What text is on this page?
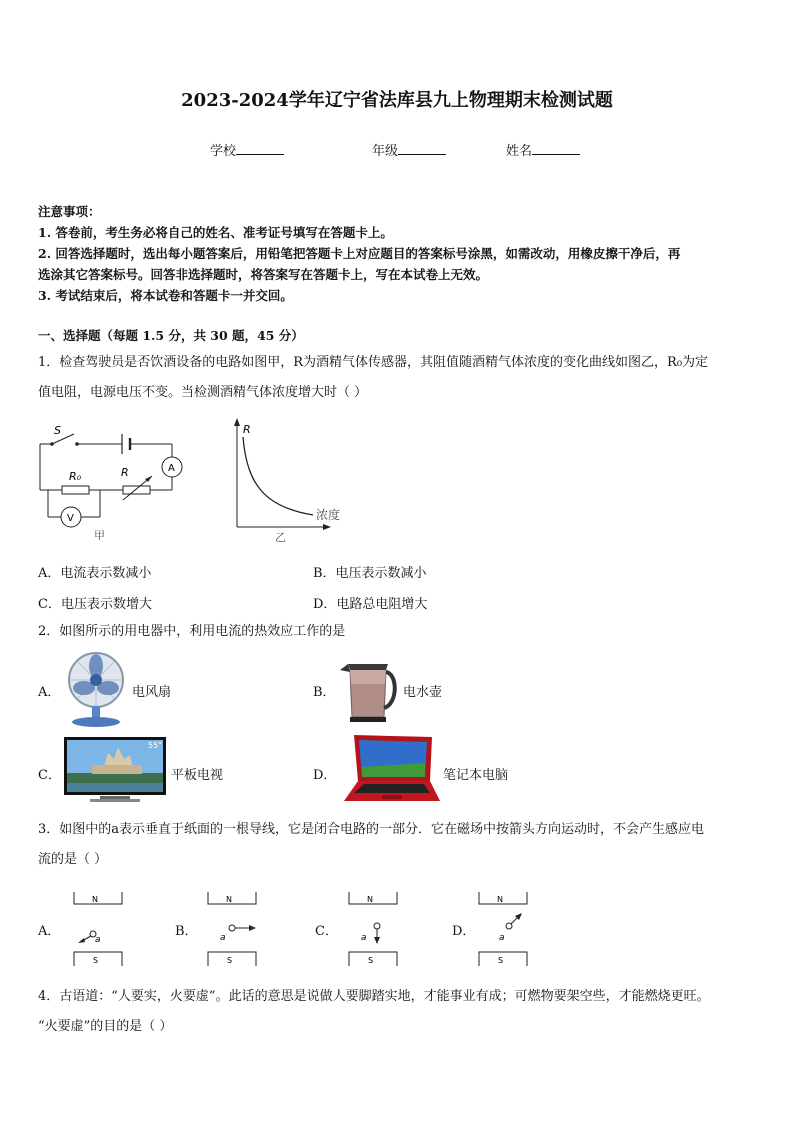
2023-2024学年辽宁省法库县九上物理期末检测试题
学校	年级	姓名
注意事项：
1. 答卷前，考生务必将自己的姓名、准考证号填写在答题卡上。
2. 回答选择题时，选出每小题答案后，用铅笔把答题卡上对应题目的答案标号涂黑，如需改动，用橡皮擦干净后，再
选涂其它答案标号。回答非选择题时，将答案写在答题卡上，写在本试卷上无效。
3. 考试结束后，将本试卷和答题卡一并交回。
一、选择题（每题 1.5 分，共 30 题，45 分）
1．检查驾驶员是否饮酒设备的电路如图甲，R为酒精气体传感器，其阻值随酒精气体浓度的变化曲线如图乙，R₀为定
值电阻，电源电压不变。当检测酒精气体浓度增大时（ ）
S
R₀	R	A
V
甲
R
浓度
乙
A．电流表示数减小	B．电压表示数减小
C．电压表示数增大	D．电路总电阻增大
2．如图所示的用电器中，利用电流的热效应工作的是
A．	电风扇	B．	电水壶
C．
55"
平板电视	D．	笔记本电脑
3．如图中的a表示垂直于纸面的一根导线，它是闭合电路的一部分．它在磁场中按箭头方向运动时，不会产生感应电
流的是（ ）
A．	B．	C．	D．
N
S
a
N
S
a
N
S
a
N
S
a
4．古语道：“人要实，火要虚”。此话的意思是说做人要脚踏实地，才能事业有成；可燃物要架空些，才能燃烧更旺。
“火要虚”的目的是（ ）
